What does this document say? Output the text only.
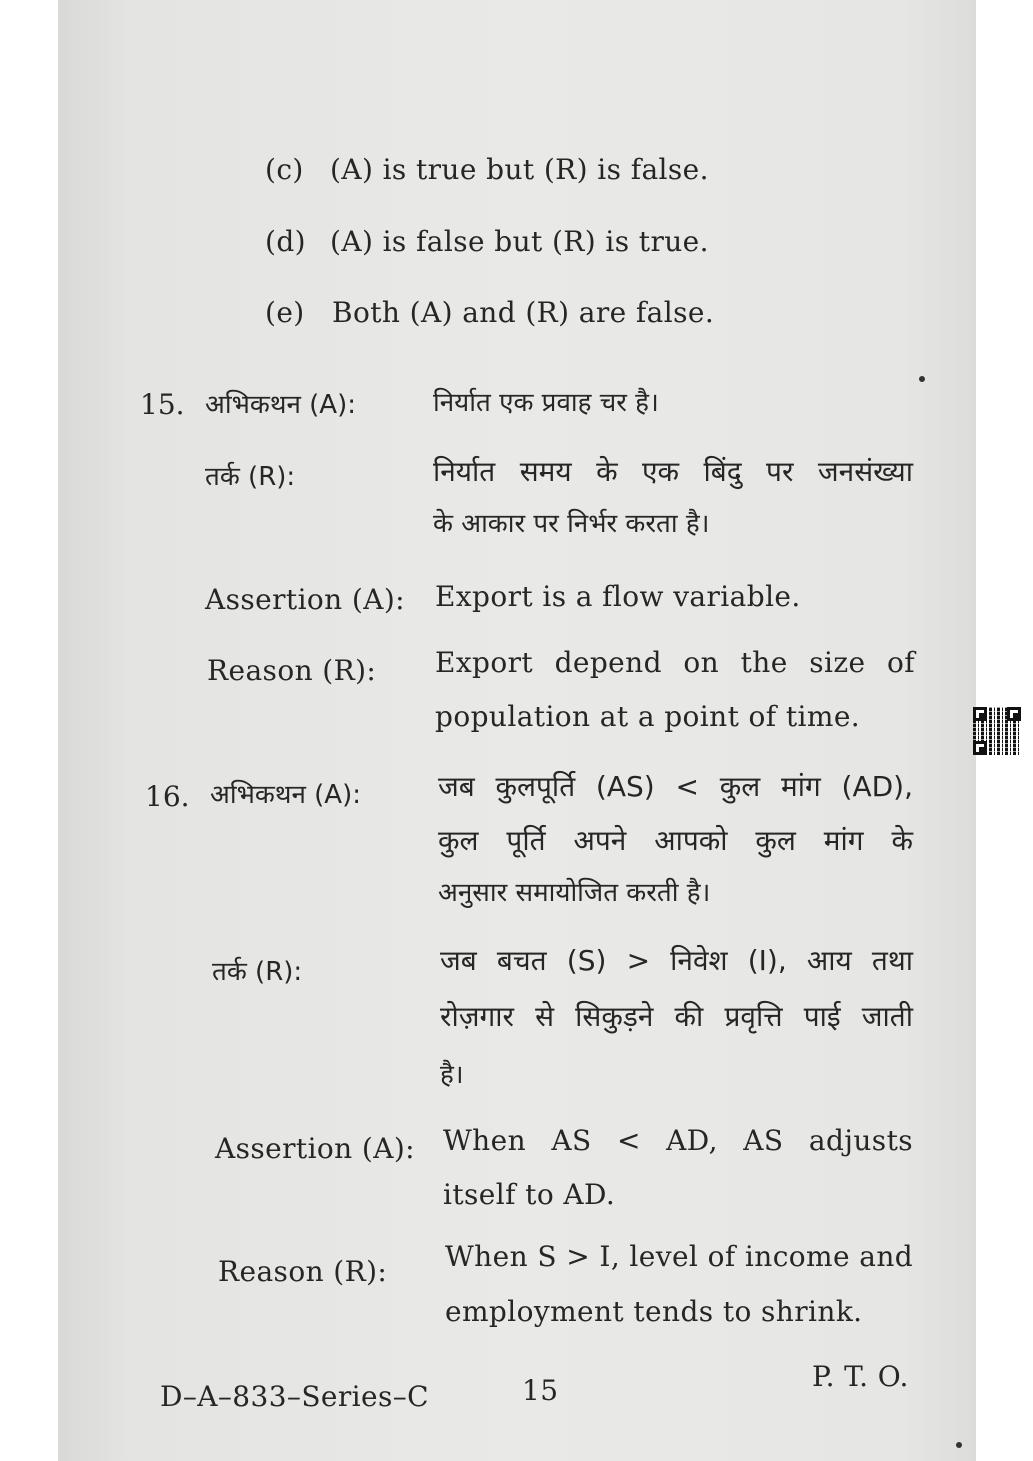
(c) (A) is true but (R) is false.
(d) (A) is false but (R) is true.
(e) Both (A) and (R) are false.
15. अभिकथन (A):	निर्यात एक प्रवाह चर है।
तर्क (R):	निर्यात समय के एक बिंदु पर जनसंख्या
के आकार पर निर्भर करता है।
Assertion (A): Export is a flow variable.
Reason (R): Export depend on the size of
population at a point of time.
16. अभिकथन (A):	जब कुलपूर्ति (AS) < कुल मांग (AD),
कुल पूर्ति अपने आपको कुल मांग के
अनुसार समायोजित करती है।
तर्क (R):	जब बचत (S) > निवेश (I), आय तथा
रोज़गार से सिकुड़ने की प्रवृत्ति पाई जाती
है।
Assertion (A): When AS < AD, AS adjusts
itself to AD.
Reason (R): When S > I, level of income and
employment tends to shrink.
D–A–833–Series–C	15	P. T. O.
